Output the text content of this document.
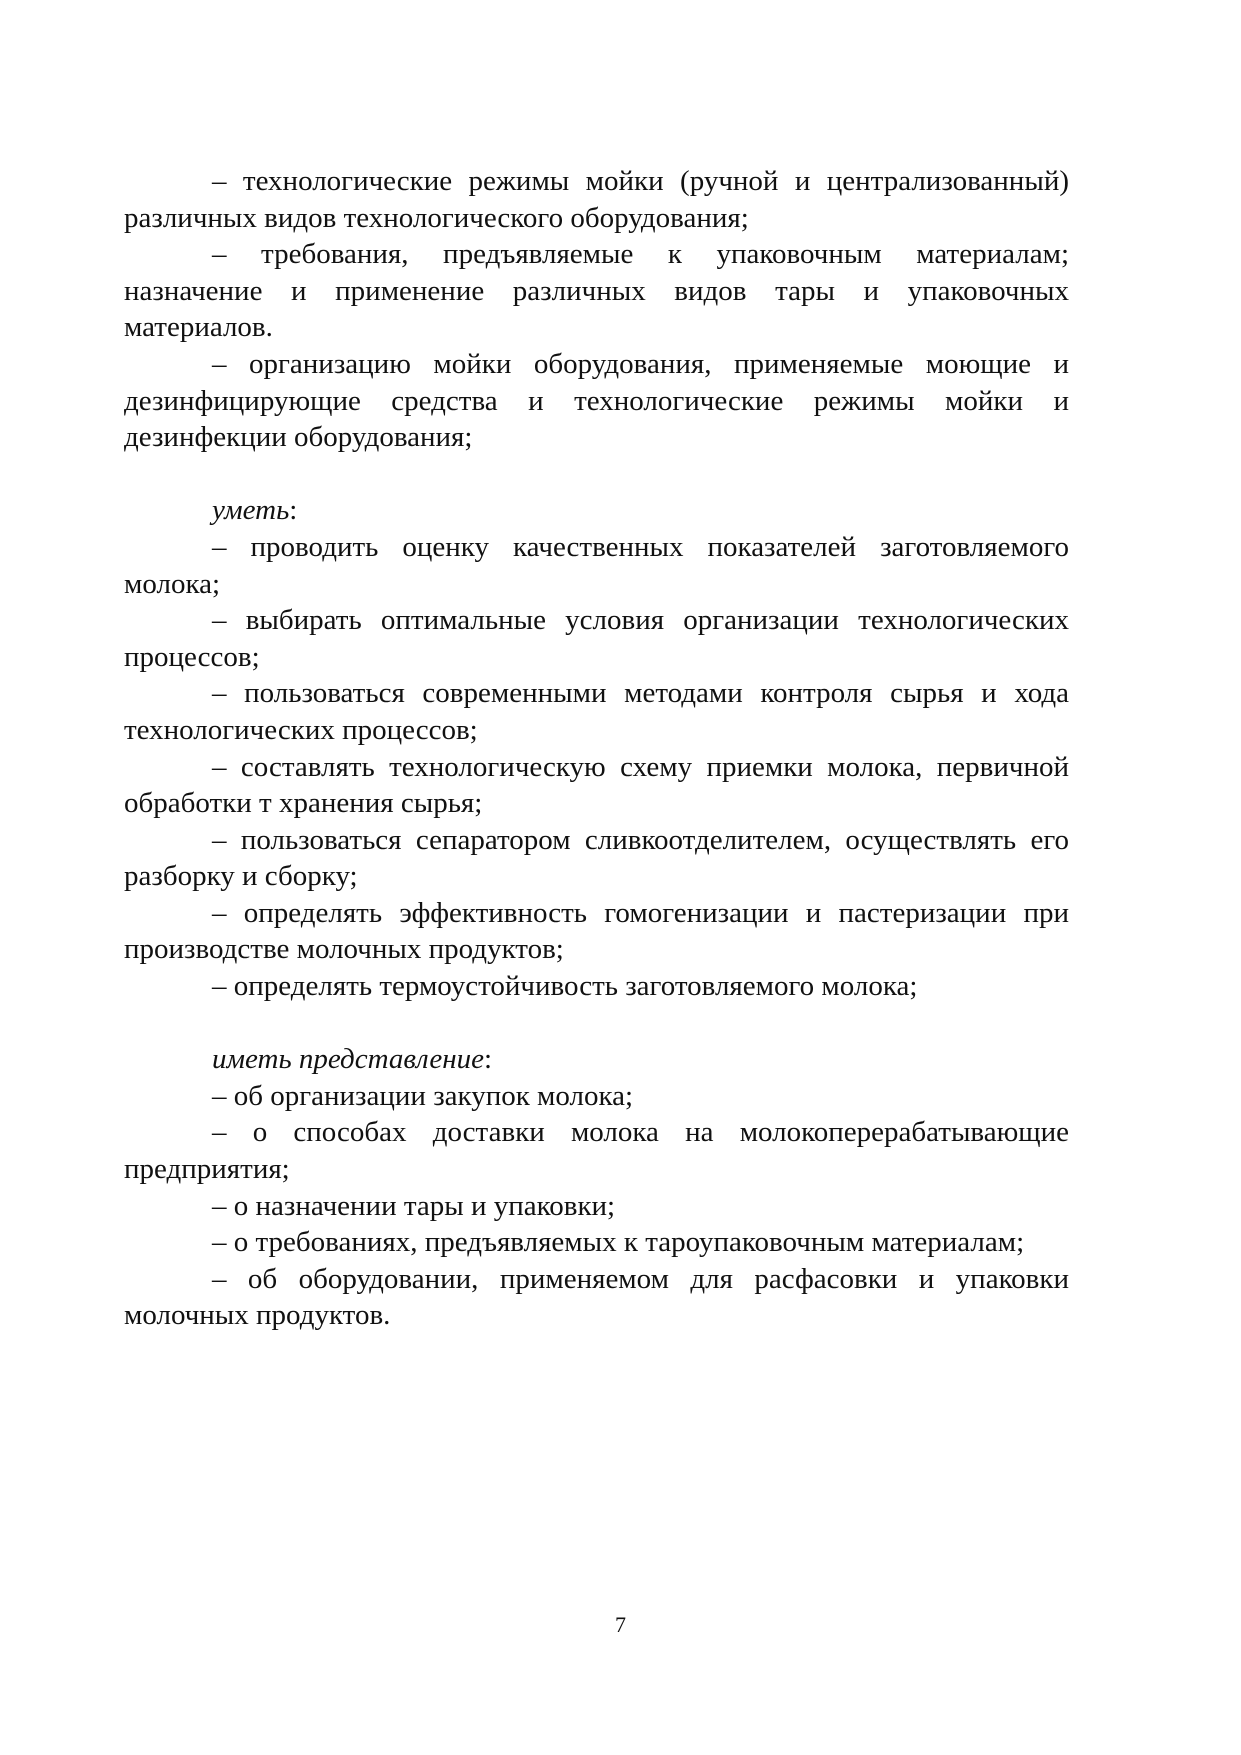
– технологические режимы мойки (ручной и централизованный) различных видов технологического оборудования;

– требования, предъявляемые к упаковочным материалам; назначение и применение различных видов тары и упаковочных материалов.

– организацию мойки оборудования, применяемые моющие и дезинфицирующие средства и технологические режимы мойки и дезинфекции оборудования;

уметь:

– проводить оценку качественных показателей заготовляемого молока;

– выбирать оптимальные условия организации технологических процессов;

– пользоваться современными методами контроля сырья и хода технологических процессов;

– составлять технологическую схему приемки молока, первичной обработки т хранения сырья;

– пользоваться сепаратором сливкоотделителем, осуществлять его разборку и сборку;

– определять эффективность гомогенизации и пастеризации при производстве молочных продуктов;

– определять термоустойчивость заготовляемого молока;

иметь представление:

– об организации закупок молока;

– о способах доставки молока на молокоперерабатывающие предприятия;

– о назначении тары и упаковки;

– о требованиях, предъявляемых к тароупаковочным материалам;

– об оборудовании, применяемом для расфасовки и упаковки молочных продуктов.

7
